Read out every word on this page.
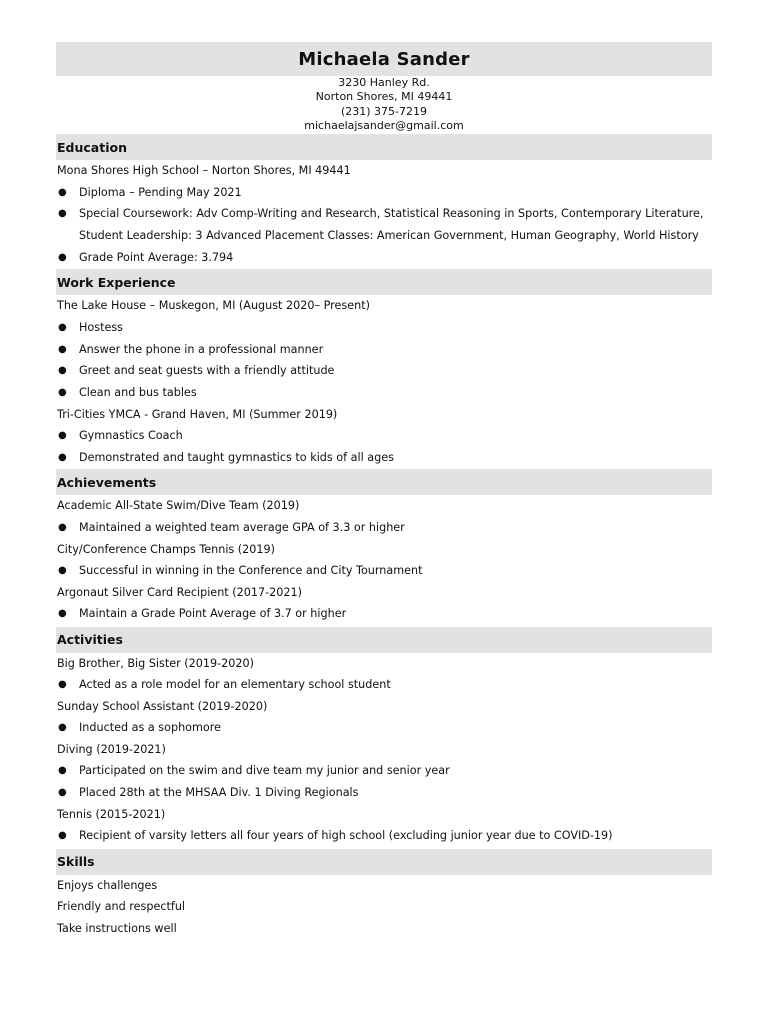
Michaela Sander
3230 Hanley Rd.
Norton Shores, MI 49441
(231) 375-7219
michaelajsander@gmail.com
Education
Mona Shores High School – Norton Shores, MI 49441
● Diploma – Pending May 2021
● Special Coursework: Adv Comp-Writing and Research, Statistical Reasoning in Sports, Contemporary Literature, Student Leadership: 3 Advanced Placement Classes: American Government, Human Geography, World History
● Grade Point Average: 3.794
Work Experience
The Lake House – Muskegon, MI (August 2020– Present)
● Hostess
● Answer the phone in a professional manner
● Greet and seat guests with a friendly attitude
● Clean and bus tables
Tri-Cities YMCA - Grand Haven, MI (Summer 2019)
● Gymnastics Coach
● Demonstrated and taught gymnastics to kids of all ages
Achievements
Academic All-State Swim/Dive Team (2019)
● Maintained a weighted team average GPA of 3.3 or higher
City/Conference Champs Tennis (2019)
● Successful in winning in the Conference and City Tournament
Argonaut Silver Card Recipient (2017-2021)
● Maintain a Grade Point Average of 3.7 or higher
Activities
Big Brother, Big Sister (2019-2020)
● Acted as a role model for an elementary school student
Sunday School Assistant (2019-2020)
● Inducted as a sophomore
Diving (2019-2021)
● Participated on the swim and dive team my junior and senior year
● Placed 28th at the MHSAA Div. 1 Diving Regionals
Tennis (2015-2021)
● Recipient of varsity letters all four years of high school (excluding junior year due to COVID-19)
Skills
Enjoys challenges
Friendly and respectful
Take instructions well
